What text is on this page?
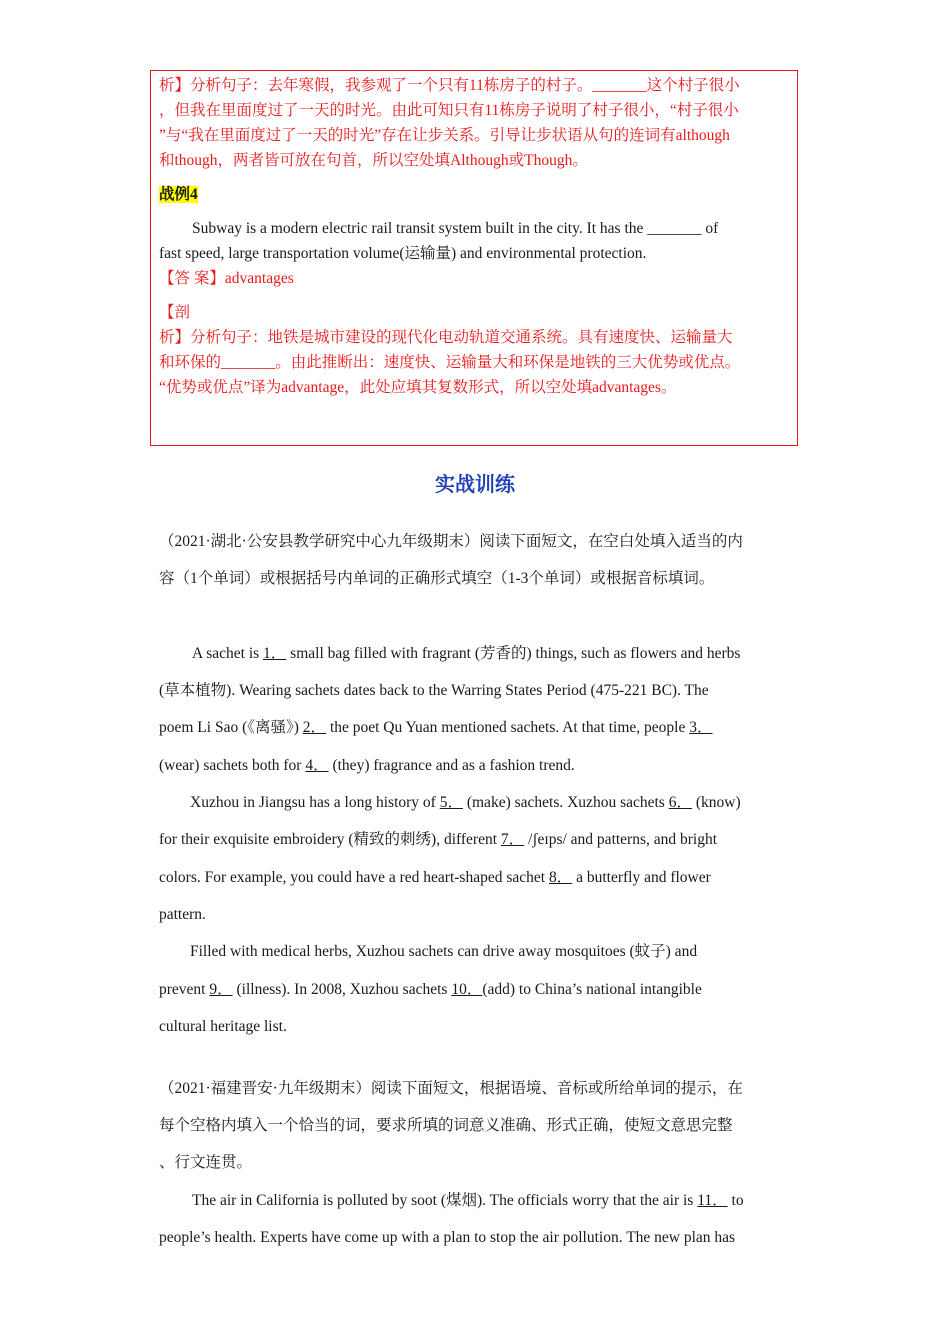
析】分析句子：去年寒假，我参观了一个只有11栋房子的村子。_______这个村子很小
，但我在里面度过了一天的时光。由此可知只有11栋房子说明了村子很小，“村子很小
”与“我在里面度过了一天的时光”存在让步关系。引导让步状语从句的连词有although
和though，两者皆可放在句首，所以空处填Although或Though。
战例4
Subway is a modern electric rail transit system built in the city. It has the _______ of
fast speed, large transportation volume(运输量) and environmental protection.
【答 案】advantages
【剖
析】分析句子：地铁是城市建设的现代化电动轨道交通系统。具有速度快、运输量大
和环保的_______。由此推断出：速度快、运输量大和环保是地铁的三大优势或优点。
“优势或优点”译为advantage，此处应填其复数形式，所以空处填advantages。
实战训练
（2021·湖北·公安县教学研究中心九年级期末）阅读下面短文，在空白处填入适当的内
容（1个单词）或根据括号内单词的正确形式填空（1-3个单词）或根据音标填词。
A sachet is 1． small bag filled with fragrant (芳香的) things, such as flowers and herbs
(草本植物). Wearing sachets dates back to the Warring States Period (475-221 BC). The
poem Li Sao (《离骚》) 2． the poet Qu Yuan mentioned sachets. At that time, people 3．
(wear) sachets both for 4． (they) fragrance and as a fashion trend.
Xuzhou in Jiangsu has a long history of 5． (make) sachets. Xuzhou sachets 6． (know)
for their exquisite embroidery (精致的刺绣), different 7． /ʃeɪps/ and patterns, and bright
colors. For example, you could have a red heart-shaped sachet 8． a butterfly and flower
pattern.
Filled with medical herbs, Xuzhou sachets can drive away mosquitoes (蚊子) and
prevent 9． (illness). In 2008, Xuzhou sachets 10．(add) to China’s national intangible
cultural heritage list.
（2021·福建晋安·九年级期末）阅读下面短文，根据语境、音标或所给单词的提示，在
每个空格内填入一个恰当的词，要求所填的词意义准确、形式正确，使短文意思完整
、行文连贯。
The air in California is polluted by soot (煤烟). The officials worry that the air is 11． to
people’s health. Experts have come up with a plan to stop the air pollution. The new plan has
